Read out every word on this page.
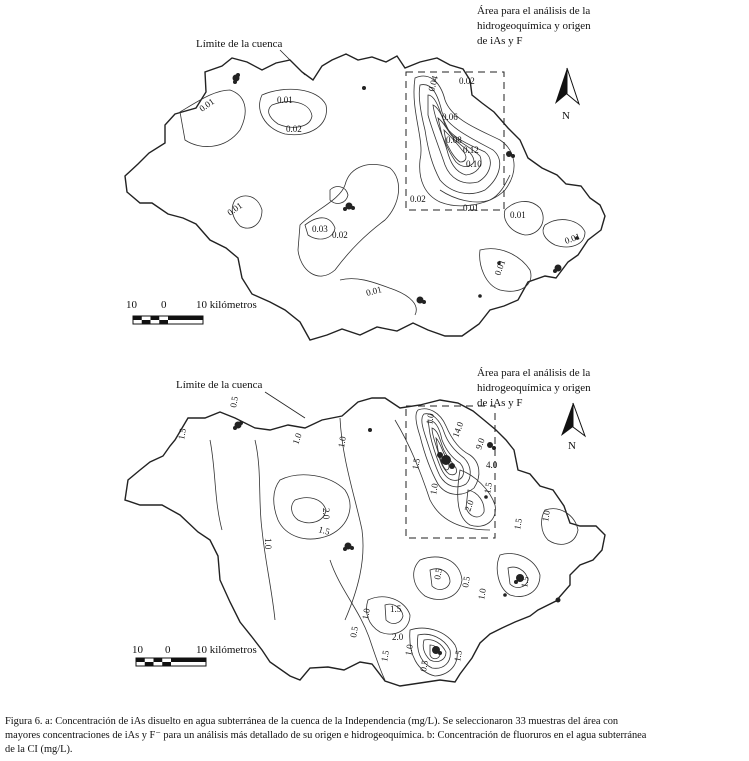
0.01	0.01
0.02
0.04
0.06
0.08
0.12
0.10
0.02
0.01
0.01
0.03
0.02
0.01
0.01
0.01
0.01
0.02
Límite de la cuenca
Área para el análisis de la
hidrogeoquímica y origen
de iAs y F
N
10 0	10 kilómetros
1.5
0.5
1.0	1.0
2.0
1.5
1.0
1.0
14.0
9.0
4.0
1.5
1.5
1.0
2.0
1.5
1.0
0.5
0.5	1.5
1.0
1.0 1.5
2.0
0.5
1.5 1.0
0.5
1.5
Límite de la cuenca
Área para el análisis de la
hidrogeoquímica y origen
de iAs y F
N
10 0 10 kilómetros
Figura 6. a: Concentración de iAs disuelto en agua subterránea de la cuenca de la Independencia (mg/L). Se seleccionaron 33 muestras del área con
mayores concentraciones de iAs y F⁻ para un análisis más detallado de su origen e hidrogeoquímica. b: Concentración de fluoruros en el agua subterránea
de la CI (mg/L).
